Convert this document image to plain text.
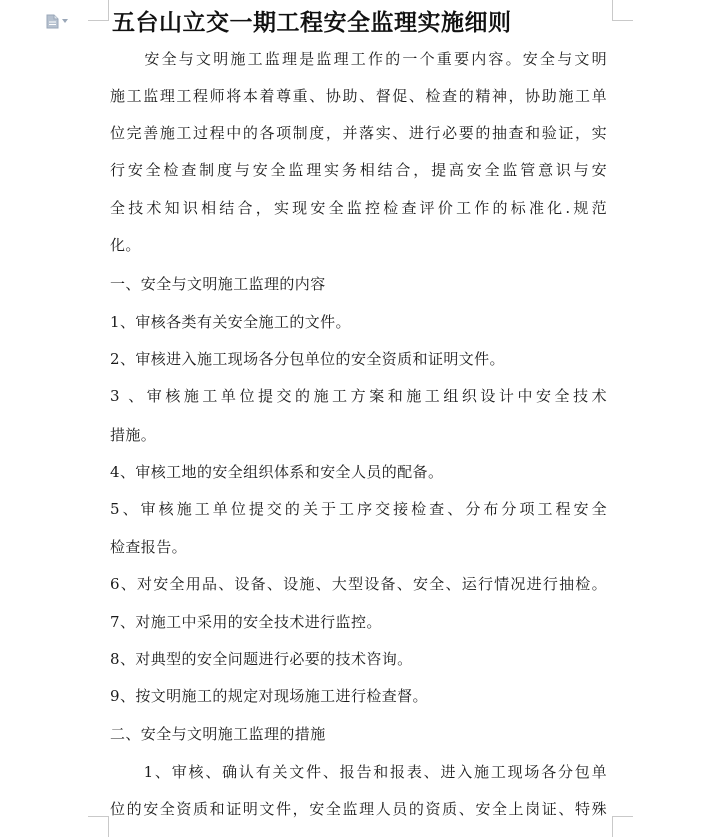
五台山立交一期工程安全监理实施细则
　　安全与文明施工监理是监理工作的一个重要内容。安全与文明
施工监理工程师将本着尊重、协助、督促、检查的精神，协助施工单
位完善施工过程中的各项制度，并落实、进行必要的抽查和验证，实
行安全检查制度与安全监理实务相结合，提高安全监管意识与安
全技术知识相结合，实现安全监控检查评价工作的标准化.规范
化。
一、安全与文明施工监理的内容
1、审核各类有关安全施工的文件。
2、审核进入施工现场各分包单位的安全资质和证明文件。
3 、审核施工单位提交的施工方案和施工组织设计中安全技术
措施。
4、审核工地的安全组织体系和安全人员的配备。
5、审核施工单位提交的关于工序交接检查、分布分项工程安全
检查报告。
6、对安全用品、设备、设施、大型设备、安全、运行情况进行抽检。
7、对施工中采用的安全技术进行监控。
8、对典型的安全问题进行必要的技术咨询。
9、按文明施工的规定对现场施工进行检查督。
二、安全与文明施工监理的措施
　　1、审核、确认有关文件、报告和报表、进入施工现场各分包单
位的安全资质和证明文件，安全监理人员的资质、安全上岗证、特殊
